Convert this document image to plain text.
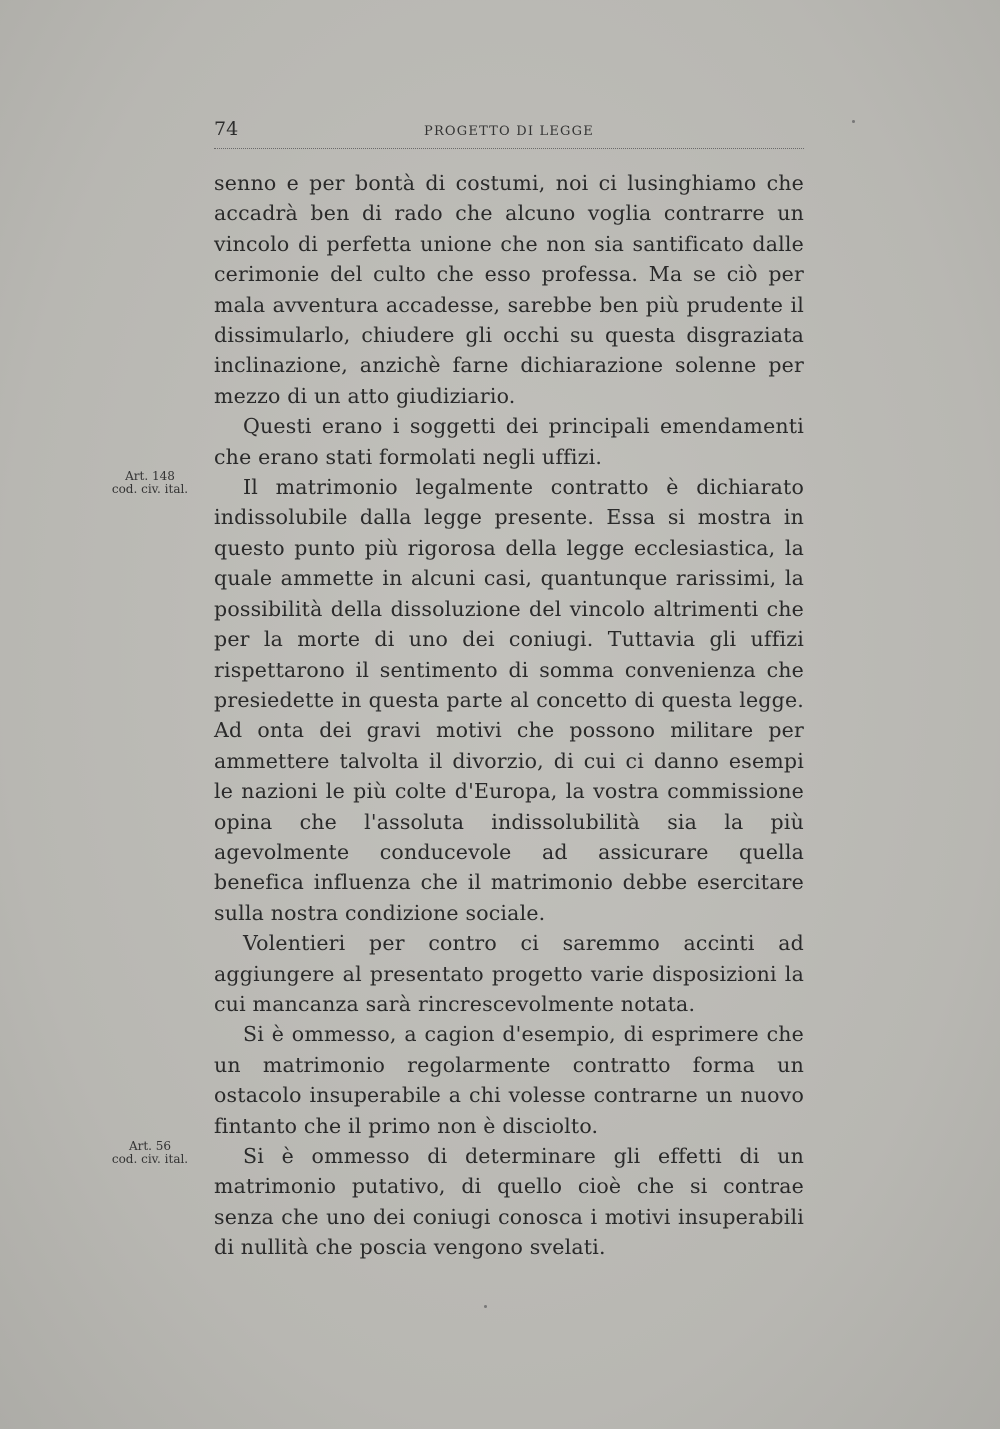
74	PROGETTO DI LEGGE
Art. 148
cod. civ. ital.
Art. 56
cod. civ. ital.

senno e per bontà di costumi, noi ci lusinghiamo che accadrà ben di rado che alcuno voglia contrarre un vincolo di perfetta unione che non sia santificato dalle cerimonie del culto che esso professa. Ma se ciò per mala avventura accadesse, sarebbe ben più prudente il dissimularlo, chiudere gli occhi su questa disgraziata inclinazione, anzichè farne dichiarazione solenne per mezzo di un atto giudiziario.

Questi erano i soggetti dei principali emendamenti che erano stati formolati negli uffizi.

Il matrimonio legalmente contratto è dichiarato indissolubile dalla legge presente. Essa si mostra in questo punto più rigorosa della legge ecclesiastica, la quale ammette in alcuni casi, quantunque rarissimi, la possibilità della dissoluzione del vincolo altrimenti che per la morte di uno dei coniugi. Tuttavia gli uffizi rispettarono il sentimento di somma convenienza che presiedette in questa parte al concetto di questa legge. Ad onta dei gravi motivi che possono militare per ammettere talvolta il divorzio, di cui ci danno esempi le nazioni le più colte d'Europa, la vostra commissione opina che l'assoluta indissolubilità sia la più agevolmente conducevole ad assicurare quella benefica influenza che il matrimonio debbe esercitare sulla nostra condizione sociale.

Volentieri per contro ci saremmo accinti ad aggiungere al presentato progetto varie disposizioni la cui mancanza sarà rincrescevolmente notata.

Si è ommesso, a cagion d'esempio, di esprimere che un matrimonio regolarmente contratto forma un ostacolo insuperabile a chi volesse contrarne un nuovo fintanto che il primo non è disciolto.

Si è ommesso di determinare gli effetti di un matrimonio putativo, di quello cioè che si contrae senza che uno dei coniugi conosca i motivi insuperabili di nullità che poscia vengono svelati.
